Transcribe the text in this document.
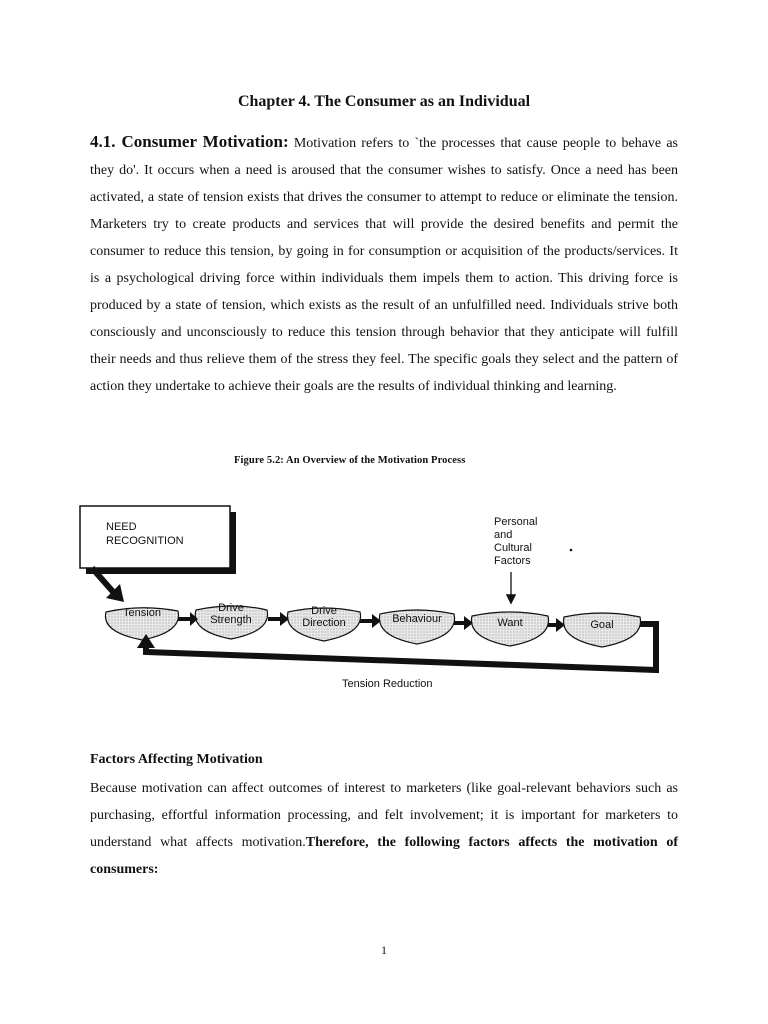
Chapter 4. The Consumer as an Individual

4.1. Consumer Motivation: Motivation refers to `the processes that cause people to behave as they do'. It occurs when a need is aroused that the consumer wishes to satisfy. Once a need has been activated, a state of tension exists that drives the consumer to attempt to reduce or eliminate the tension. Marketers try to create products and services that will provide the desired benefits and permit the consumer to reduce this tension, by going in for consumption or acquisition of the products/services. It is a psychological driving force within individuals them impels them to action. This driving force is produced by a state of tension, which exists as the result of an unfulfilled need. Individuals strive both consciously and unconsciously to reduce this tension through behavior that they anticipate will fulfill their needs and thus relieve them of the stress they feel. The specific goals they select and the pattern of action they undertake to achieve their goals are the results of individual thinking and learning.

Figure 5.2: An Overview of the Motivation Process
NEED
RECOGNITION
Personal
and
Cultural
Factors
Tension	Drive
Strength
Drive
Direction	Behaviour	Want	Goal
Tension Reduction
Factors Affecting Motivation

Because motivation can affect outcomes of interest to marketers (like goal-relevant behaviors such as purchasing, effortful information processing, and felt involvement; it is important for marketers to understand what affects motivation.Therefore, the following factors affects the motivation of consumers:

1
